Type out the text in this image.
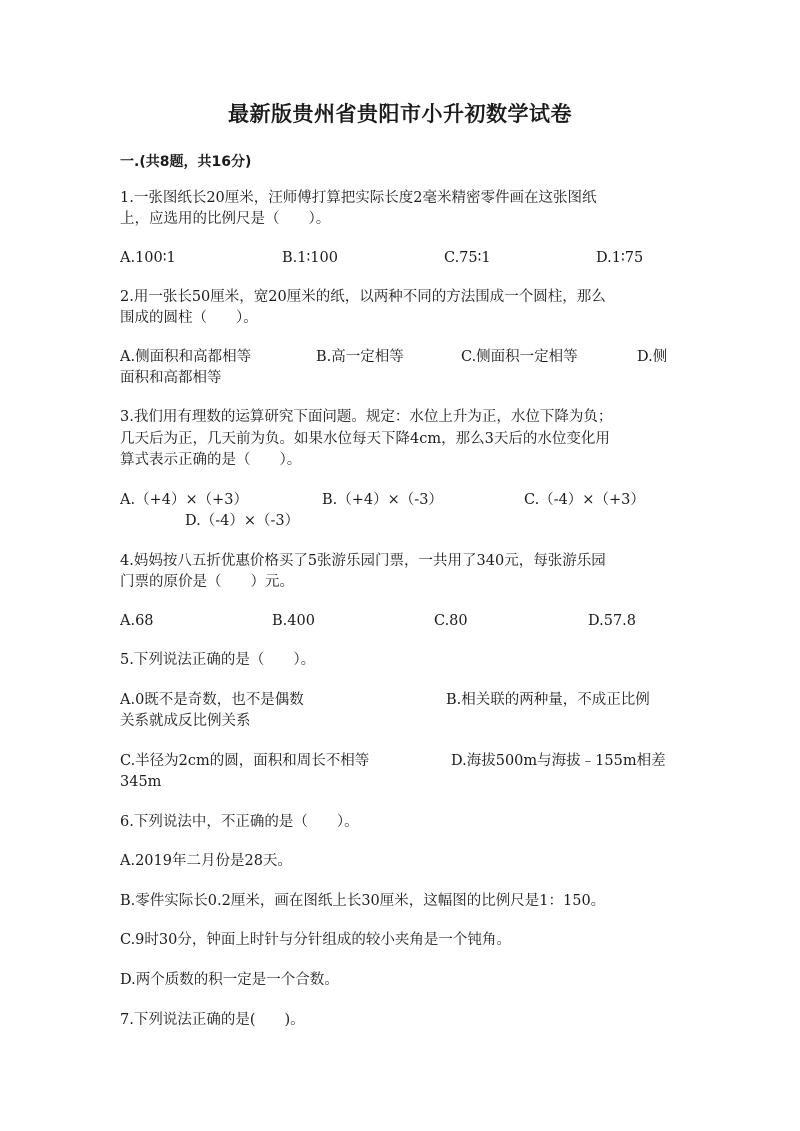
最新版贵州省贵阳市小升初数学试卷
一.(共8题，共16分)
1.一张图纸长20厘米，汪师傅打算把实际长度2毫米精密零件画在这张图纸
上，应选用的比例尺是（　　）。
A.100∶1	B.1∶100	C.75∶1	D.1∶75
2.用一张长50厘米，宽20厘米的纸，以两种不同的方法围成一个圆柱，那么
围成的圆柱（　　）。
A.侧面积和高都相等	B.高一定相等	C.侧面积一定相等	D.侧
面积和高都相等
3.我们用有理数的运算研究下面问题。规定：水位上升为正，水位下降为负；
几天后为正，几天前为负。如果水位每天下降4cm，那么3天后的水位变化用
算式表示正确的是（　　）。
A.（+4）×（+3）	B.（+4）×（-3）	C.（-4）×（+3）
D.（-4）×（-3）
4.妈妈按八五折优惠价格买了5张游乐园门票，一共用了340元，每张游乐园
门票的原价是（　　）元。
A.68	B.400	C.80	D.57.8
5.下列说法正确的是（　　）。
A.0既不是奇数，也不是偶数	B.相关联的两种量，不成正比例
关系就成反比例关系
C.半径为2cm的圆，面积和周长不相等	D.海拔500m与海拔﹣155m相差
345m
6.下列说法中，不正确的是（　　）。
A.2019年二月份是28天。
B.零件实际长0.2厘米，画在图纸上长30厘米，这幅图的比例尺是1：150。
C.9时30分，钟面上时针与分针组成的较小夹角是一个钝角。
D.两个质数的积一定是一个合数。
7.下列说法正确的是(　　)。
